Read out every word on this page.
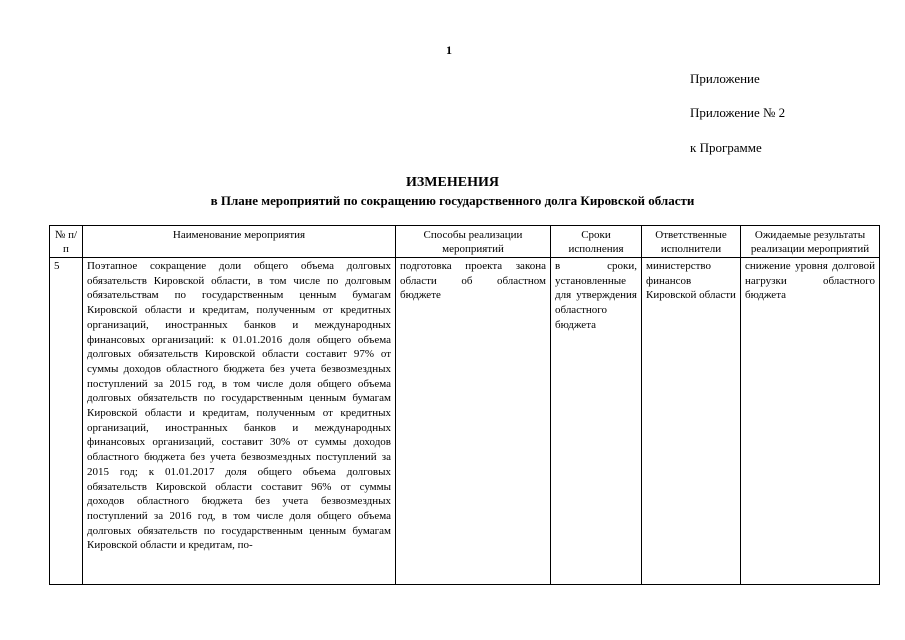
1
Приложение
Приложение № 2
к Программе
ИЗМЕНЕНИЯ
в Плане мероприятий по сокращению государственного долга Кировской области
№ п/п	Наименование мероприятия	Способы реализации мероприятий	Сроки исполнения	Ответственные исполнители	Ожидаемые результаты реализации мероприятий

5	Поэтапное сокращение доли общего объема долговых обязательств Кировской области, в том числе по долговым обязательствам по государственным ценным бумагам Кировской области и кредитам, полученным от кредитных организаций, иностранных банков и международных финансовых организаций: к 01.01.2016 доля общего объема долговых обязательств Кировской области составит 97% от суммы доходов областного бюджета без учета безвозмездных поступлений за 2015 год, в том числе доля общего объема долговых обязательств по государственным ценным бумагам Кировской области и кредитам, полученным от кредитных организаций, иностранных банков и международных финансовых организаций, составит 30% от суммы доходов областного бюджета без учета безвозмездных поступлений за 2015 год; к 01.01.2017 доля общего объема долговых обязательств Кировской области составит 96% от суммы доходов областного бюджета без учета безвозмездных поступлений за 2016 год, в том числе доля общего объема долговых обязательств по государственным ценным бумагам Кировской области и кредитам, по-	подготовка проекта закона области об областном бюджете	в сроки, установленные для утверждения областного бюджета	министерство финансов Кировской области	снижение уровня долговой нагрузки областного бюджета
